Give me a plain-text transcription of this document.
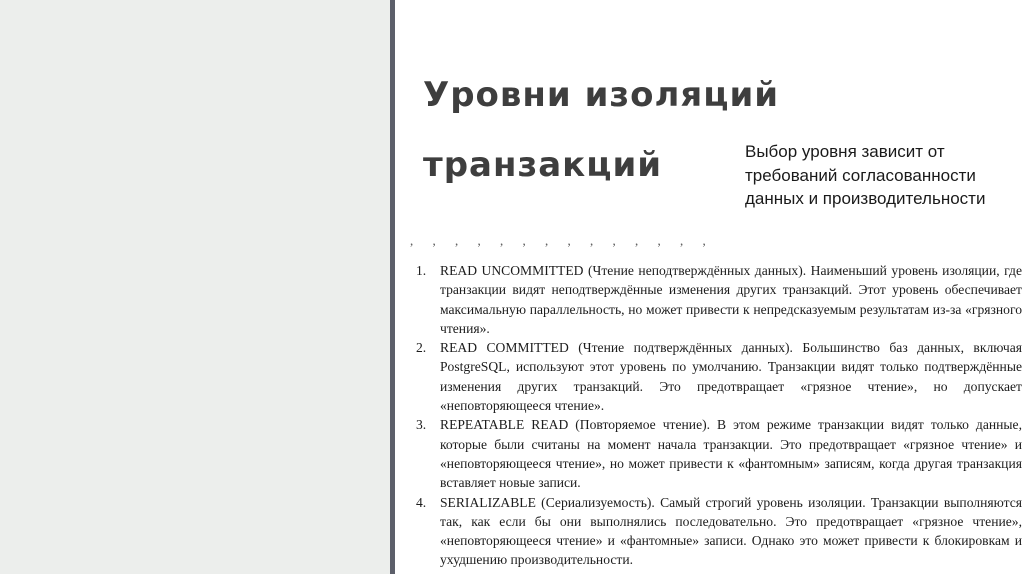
Уровни изоляций
транзакций	Выбор уровня зависит от требований согласованности данных и производительности
, , , , , , , , , , , , , ,
1.	READ UNCOMMITTED (Чтение неподтверждённых данных). Наименьший уровень изоляции, где транзакции видят неподтверждённые изменения других транзакций. Этот уровень обеспечивает максимальную параллельность, но может привести к непредсказуемым результатам из-за «грязного чтения».
2.	READ COMMITTED (Чтение подтверждённых данных). Большинство баз данных, включая PostgreSQL, используют этот уровень по умолчанию. Транзакции видят только подтверждённые изменения других транзакций. Это предотвращает «грязное чтение», но допускает «неповторяющееся чтение».
3.	REPEATABLE READ (Повторяемое чтение). В этом режиме транзакции видят только данные, которые были считаны на момент начала транзакции. Это предотвращает «грязное чтение» и «неповторяющееся чтение», но может привести к «фантомным» записям, когда другая транзакция вставляет новые записи.
4.	SERIALIZABLE (Сериализуемость). Самый строгий уровень изоляции. Транзакции выполняются так, как если бы они выполнялись последовательно. Это предотвращает «грязное чтение», «неповторяющееся чтение» и «фантомные» записи. Однако это может привести к блокировкам и ухудшению производительности.
